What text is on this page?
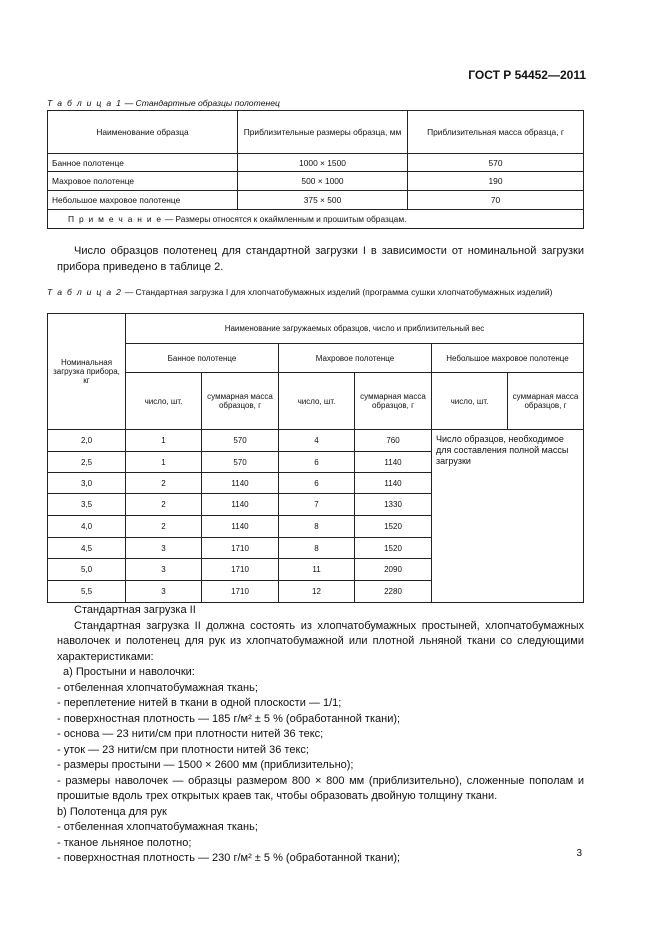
ГОСТ Р 54452—2011
Т а б л и ц а 1 — Стандартные образцы полотенец
Наименование образца	Приблизительные размеры образца, мм	Приблизительная масса образца, г
Банное полотенце	1000 × 1500	570
Махровое полотенце	500 × 1000	190
Небольшое махровое полотенце	375 × 500	70
П р и м е ч а н и е — Размеры относятся к окаймленным и прошитым образцам.		

Число образцов полотенец для стандартной загрузки I в зависимости от номинальной загрузки прибора приведено в таблице 2.

Т а б л и ц а 2 — Стандартная загрузка I для хлопчатобумажных изделий (программа сушки хлопчатобумажных изделий)
Номинальная загрузка прибора, кг	Наименование загружаемых образцов, число и приблизительный вес					
	Банное полотенце		Махровое полотенце		Небольшое махровое полотенце	
	число, шт.	суммарная масса образцов, г	число, шт.	суммарная масса образцов, г	число, шт.	суммарная масса образцов, г
2,0	1	570	4	760	Число образцов, необходимое для составления полной массы загрузки	
2,5	1	570	6	1140		
3,0	2	1140	6	1140		
3,5	2	1140	7	1330		
4,0	2	1140	8	1520		
4,5	3	1710	8	1520		
5,0	3	1710	11	2090		
5,5	3	1710	12	2280		

Стандартная загрузка II

Стандартная загрузка II должна состоять из хлопчатобумажных простыней, хлопчатобумажных наволочек и полотенец для рук из хлопчатобумажной или плотной льняной ткани со следующими характеристиками:

a) Простыни и наволочки:

- отбеленная хлопчатобумажная ткань;

- переплетение нитей в ткани в одной плоскости — 1/1;

- поверхностная плотность — 185 г/м² ± 5 % (обработанной ткани);

- основа — 23 нити/см при плотности нитей 36 текс;

- уток — 23 нити/см при плотности нитей 36 текс;

- размеры простыни — 1500 × 2600 мм (приблизительно);

- размеры наволочек — образцы размером 800 × 800 мм (приблизительно), сложенные пополам и прошитые вдоль трех открытых краев так, чтобы образовать двойную толщину ткани.

b) Полотенца для рук

- отбеленная хлопчатобумажная ткань;

- тканое льняное полотно;

- поверхностная плотность — 230 г/м² ± 5 % (обработанной ткани);	3
